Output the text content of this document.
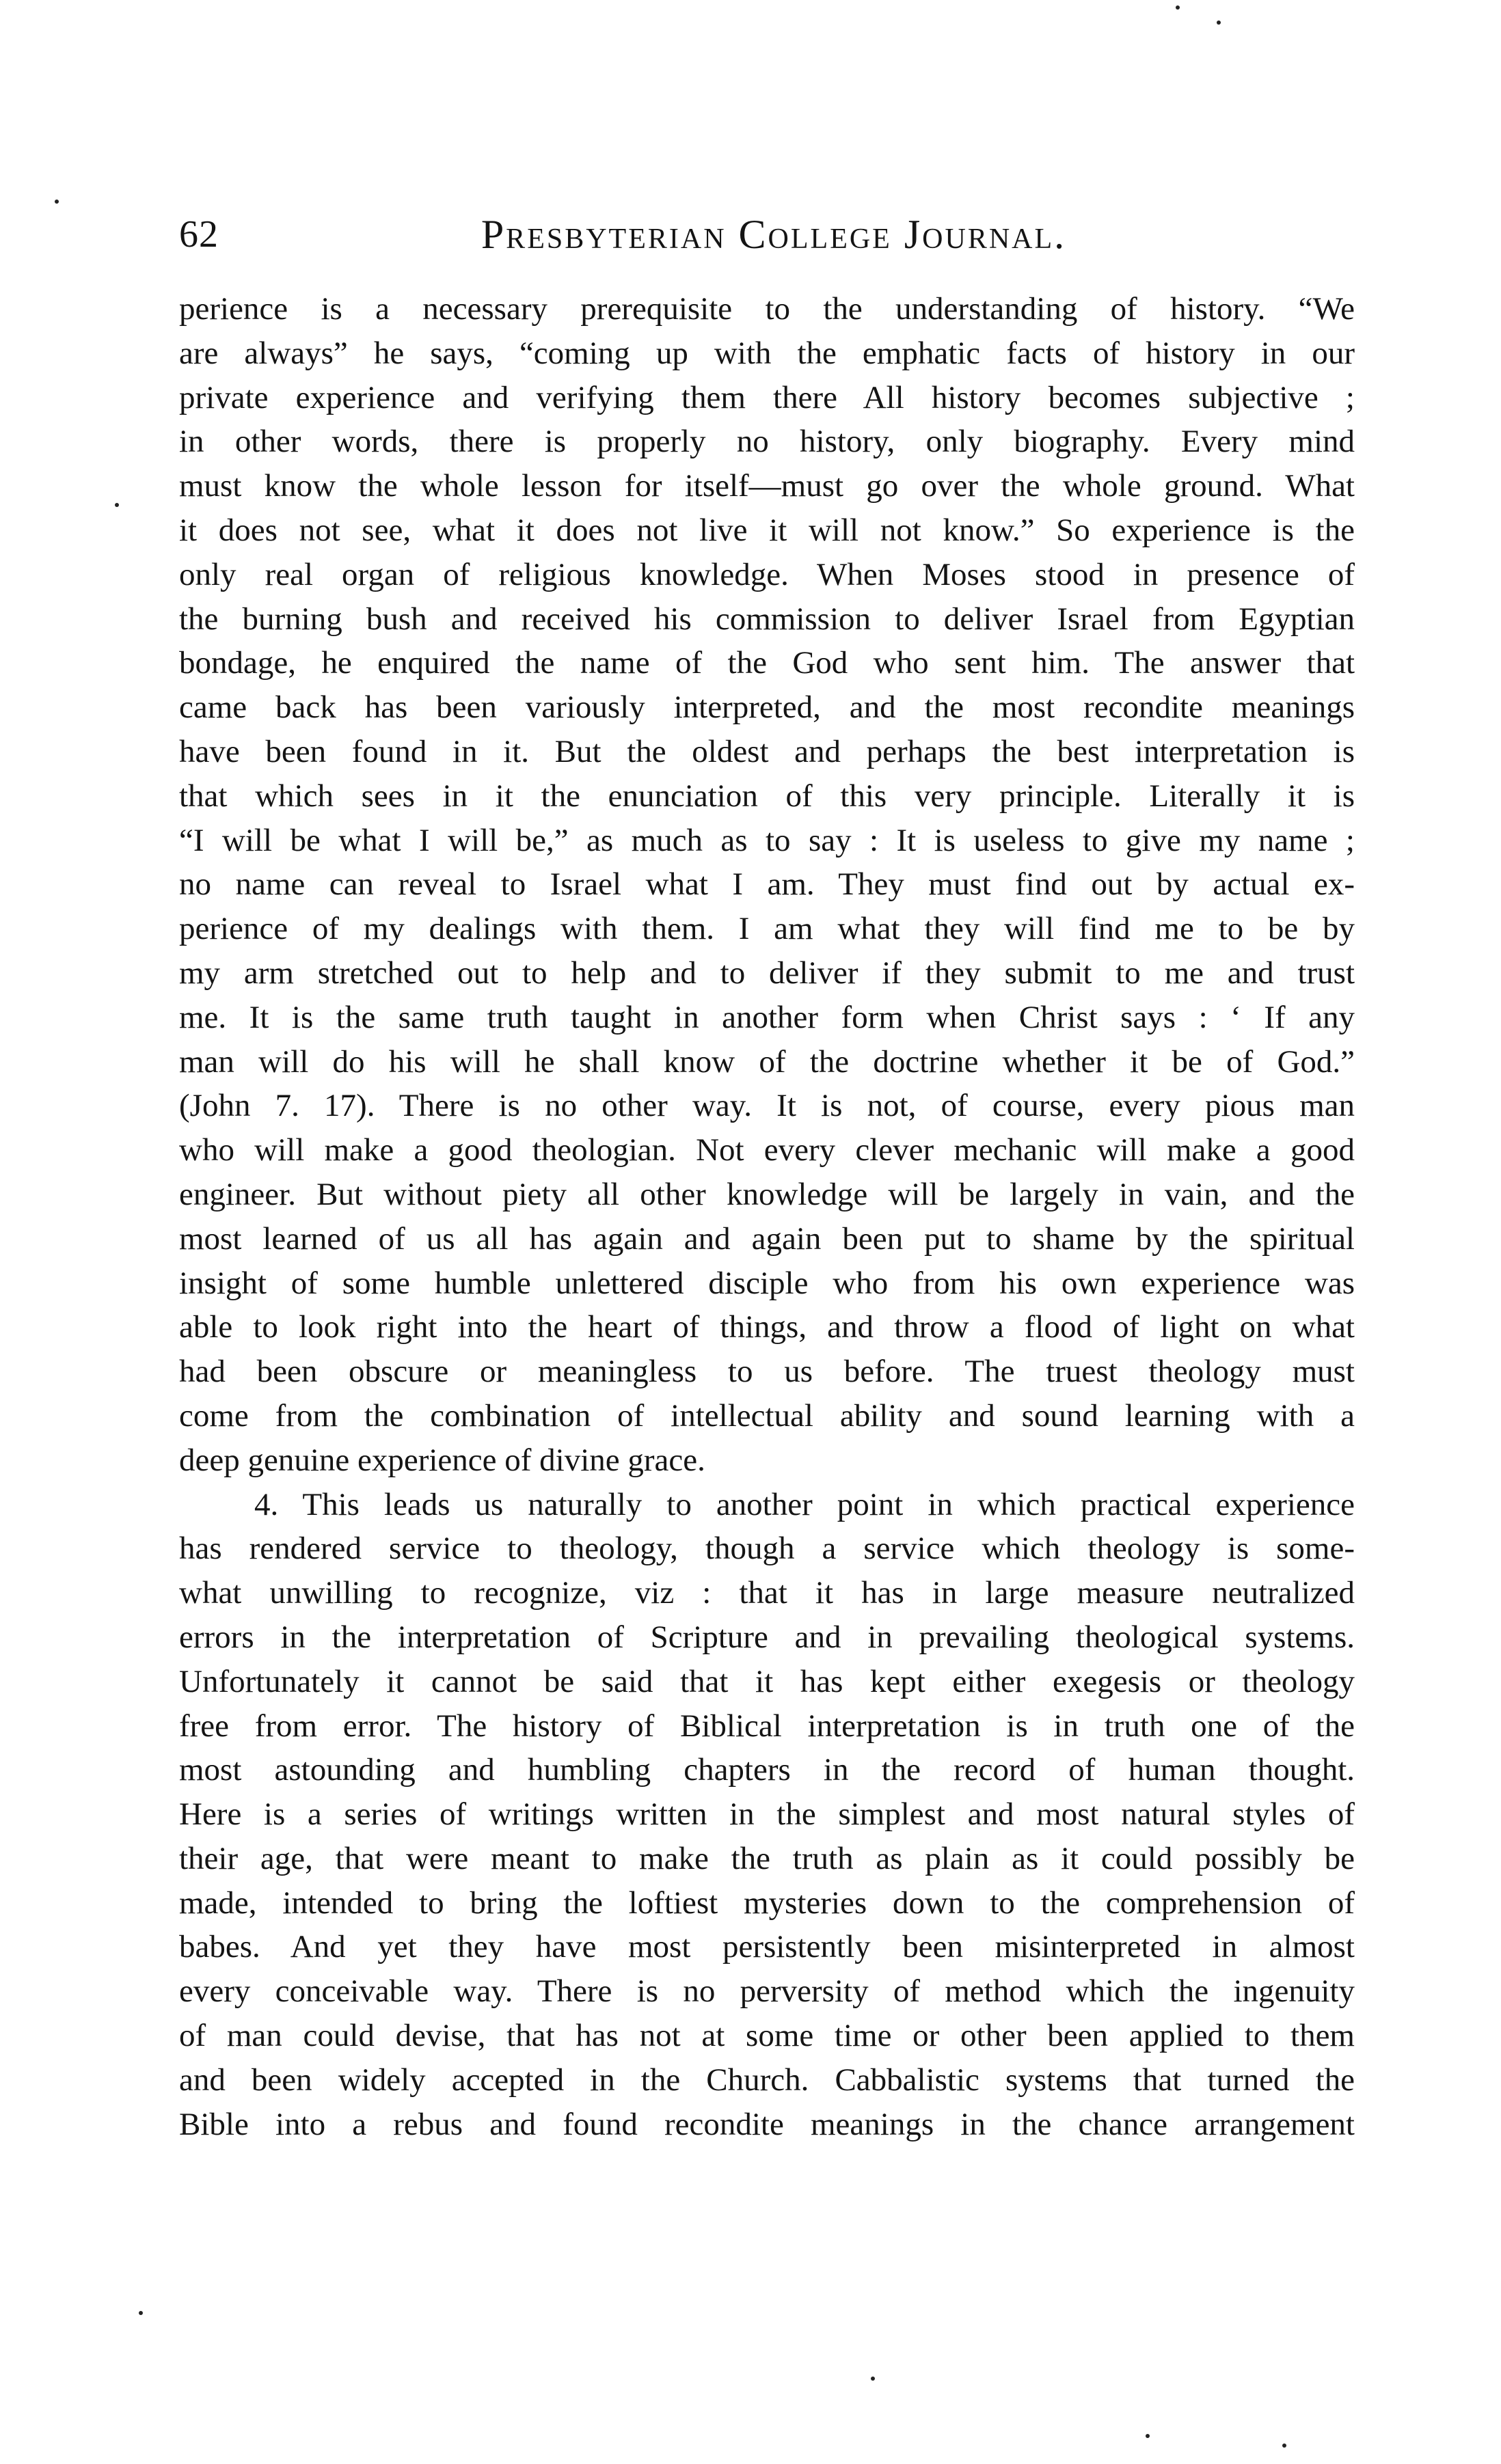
62	Presbyterian College Journal.
perience is a necessary prerequisite to the understanding of history. “We
are always” he says, “coming up with the emphatic facts of history in our
private experience and verifying them there All history becomes subjective ;
in other words, there is properly no history, only biography. Every mind
must know the whole lesson for itself—must go over the whole ground. What
it does not see, what it does not live it will not know.” So experience is the
only real organ of religious knowledge. When Moses stood in presence of
the burning bush and received his commission to deliver Israel from Egyptian
bondage, he enquired the name of the God who sent him. The answer that
came back has been variously interpreted, and the most recondite meanings
have been found in it. But the oldest and perhaps the best interpretation is
that which sees in it the enunciation of this very principle. Literally it is
“I will be what I will be,” as much as to say : It is useless to give my name ;
no name can reveal to Israel what I am. They must find out by actual ex-
perience of my dealings with them. I am what they will find me to be by
my arm stretched out to help and to deliver if they submit to me and trust
me. It is the same truth taught in another form when Christ says : ‘ If any
man will do his will he shall know of the doctrine whether it be of God.”
(John 7. 17). There is no other way. It is not, of course, every pious man
who will make a good theologian. Not every clever mechanic will make a good
engineer. But without piety all other knowledge will be largely in vain, and the
most learned of us all has again and again been put to shame by the spiritual
insight of some humble unlettered disciple who from his own experience was
able to look right into the heart of things, and throw a flood of light on what
had been obscure or meaningless to us before. The truest theology must
come from the combination of intellectual ability and sound learning with a
deep genuine experience of divine grace.
4. This leads us naturally to another point in which practical experience
has rendered service to theology, though a service which theology is some-
what unwilling to recognize, viz : that it has in large measure neutralized
errors in the interpretation of Scripture and in prevailing theological systems.
Unfortunately it cannot be said that it has kept either exegesis or theology
free from error. The history of Biblical interpretation is in truth one of the
most astounding and humbling chapters in the record of human thought.
Here is a series of writings written in the simplest and most natural styles of
their age, that were meant to make the truth as plain as it could possibly be
made, intended to bring the loftiest mysteries down to the comprehension of
babes. And yet they have most persistently been misinterpreted in almost
every conceivable way. There is no perversity of method which the ingenuity
of man could devise, that has not at some time or other been applied to them
and been widely accepted in the Church. Cabbalistic systems that turned the
Bible into a rebus and found recondite meanings in the chance arrangement
